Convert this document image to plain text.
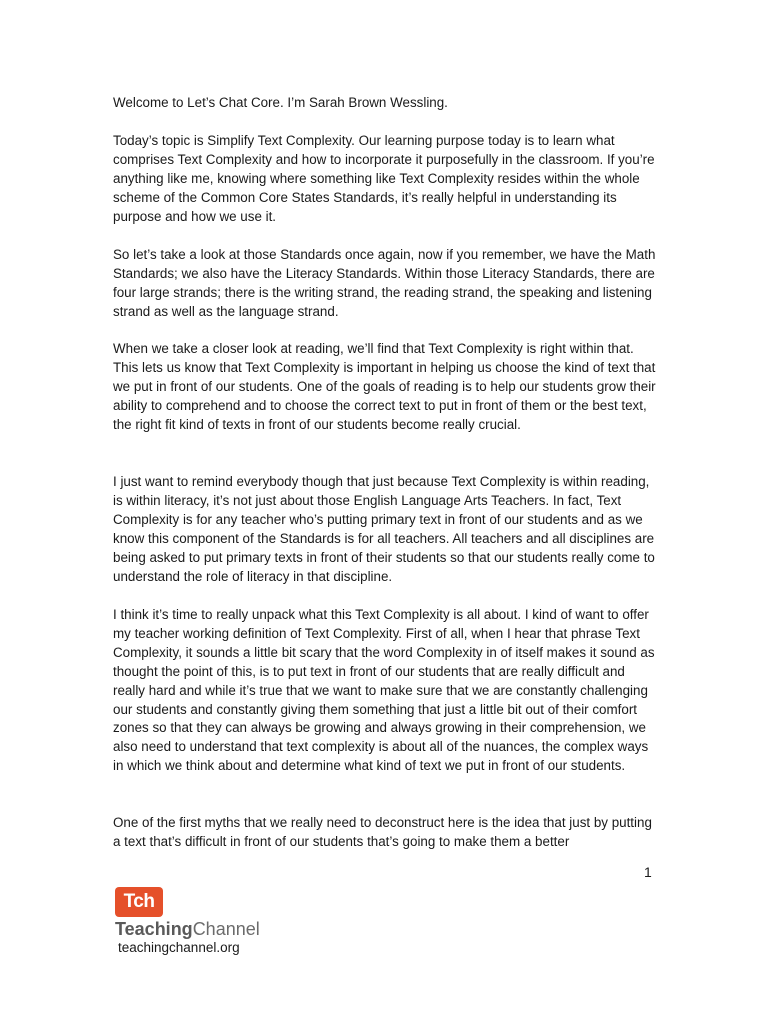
Welcome to Let’s Chat Core. I’m Sarah Brown Wessling.

Today’s topic is Simplify Text Complexity. Our learning purpose today is to learn what comprises Text Complexity and how to incorporate it purposefully in the classroom. If you’re anything like me, knowing where something like Text Complexity resides within the whole scheme of the Common Core States Standards, it’s really helpful in understanding its purpose and how we use it.

So let’s take a look at those Standards once again, now if you remember, we have the Math Standards; we also have the Literacy Standards. Within those Literacy Standards, there are four large strands; there is the writing strand, the reading strand, the speaking and listening strand as well as the language strand.

When we take a closer look at reading, we’ll find that Text Complexity is right within that. This lets us know that Text Complexity is important in helping us choose the kind of text that we put in front of our students. One of the goals of reading is to help our students grow their ability to comprehend and to choose the correct text to put in front of them or the best text, the right fit kind of texts in front of our students become really crucial.

I just want to remind everybody though that just because Text Complexity is within reading, is within literacy, it’s not just about those English Language Arts Teachers. In fact, Text Complexity is for any teacher who’s putting primary text in front of our students and as we know this component of the Standards is for all teachers. All teachers and all disciplines are being asked to put primary texts in front of their students so that our students really come to understand the role of literacy in that discipline.

I think it’s time to really unpack what this Text Complexity is all about. I kind of want to offer my teacher working definition of Text Complexity. First of all, when I hear that phrase Text Complexity, it sounds a little bit scary that the word Complexity in of itself makes it sound as thought the point of this, is to put text in front of our students that are really difficult and really hard and while it’s true that we want to make sure that we are constantly challenging our students and constantly giving them something that just a little bit out of their comfort zones so that they can always be growing and always growing in their comprehension, we also need to understand that text complexity is about all of the nuances, the complex ways in which we think about and determine what kind of text we put in front of our students.

One of the first myths that we really need to deconstruct here is the idea that just by putting a text that’s difficult in front of our students that’s going to make them a better

1
Tch
TeachingChannel
teachingchannel.org
